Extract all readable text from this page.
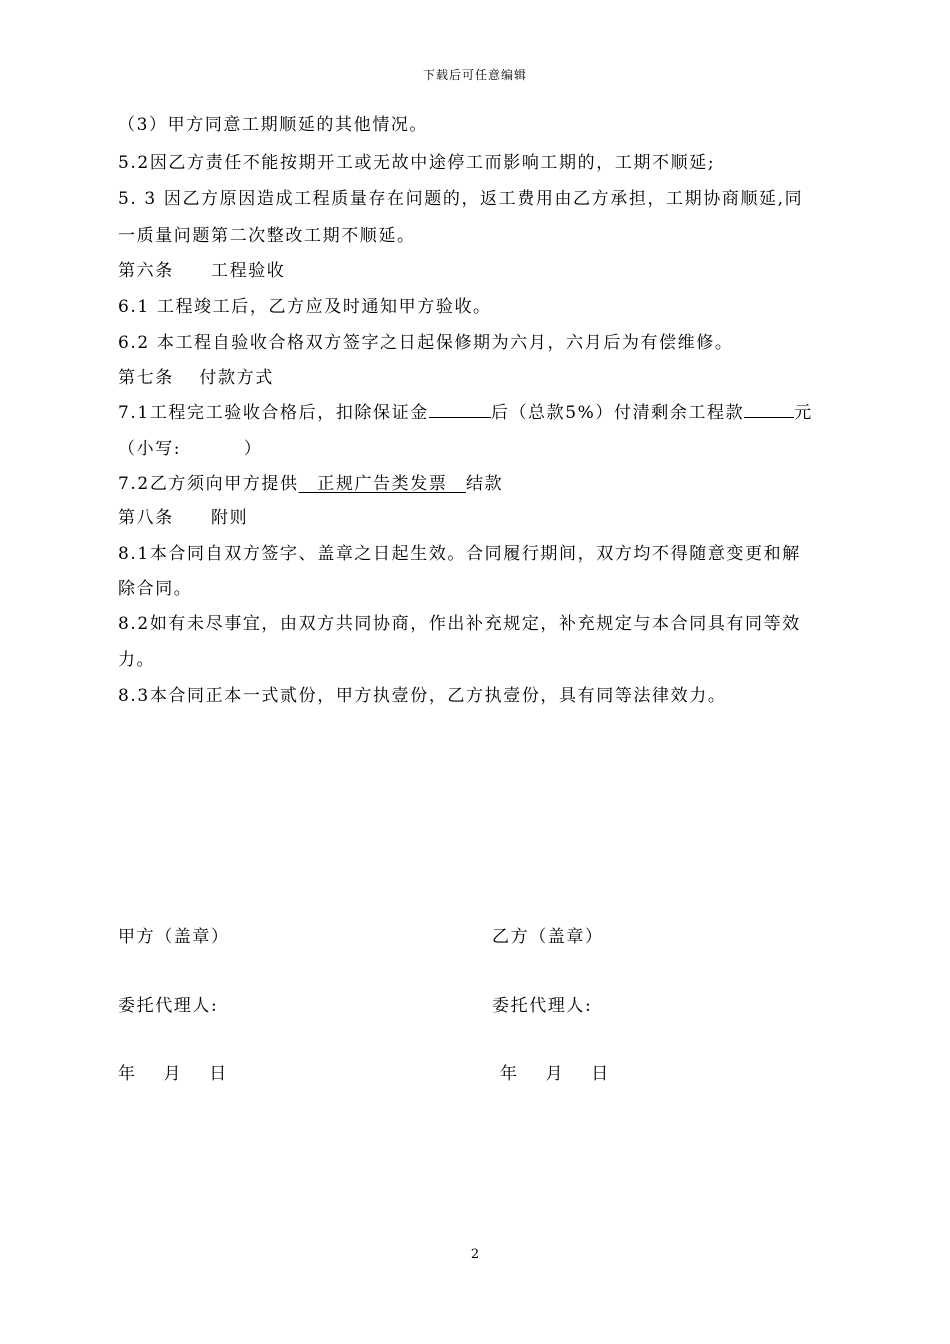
下载后可任意编辑
（3）甲方同意工期顺延的其他情况。
5.2因乙方责任不能按期开工或无故中途停工而影响工期的，工期不顺延;
5. 3 因乙方原因造成工程质量存在问题的，返工费用由乙方承担，工期协商顺延,同
一质量问题第二次整改工期不顺延。
第六条　　工程验收
6.1 工程竣工后，乙方应及时通知甲方验收。
6.2 本工程自验收合格双方签字之日起保修期为六月，六月后为有偿维修。
第七条　 付款方式
7.1工程完工验收合格后，扣除保证金	后（总款5%）付清剩余工程款	元
（小写:　　　 ）
7.2乙方须向甲方提供　正规广告类发票　结款
第八条　　附则
8.1本合同自双方签字、盖章之日起生效。合同履行期间，双方均不得随意变更和解
除合同。
8.2如有未尽事宜，由双方共同协商，作出补充规定，补充规定与本合同具有同等效
力。
8.3本合同正本一式贰份，甲方执壹份，乙方执壹份，具有同等法律效力。
甲方（盖章）	乙方（盖章）
委托代理人:	委托代理人:
年 月 日	年 月 日
2
